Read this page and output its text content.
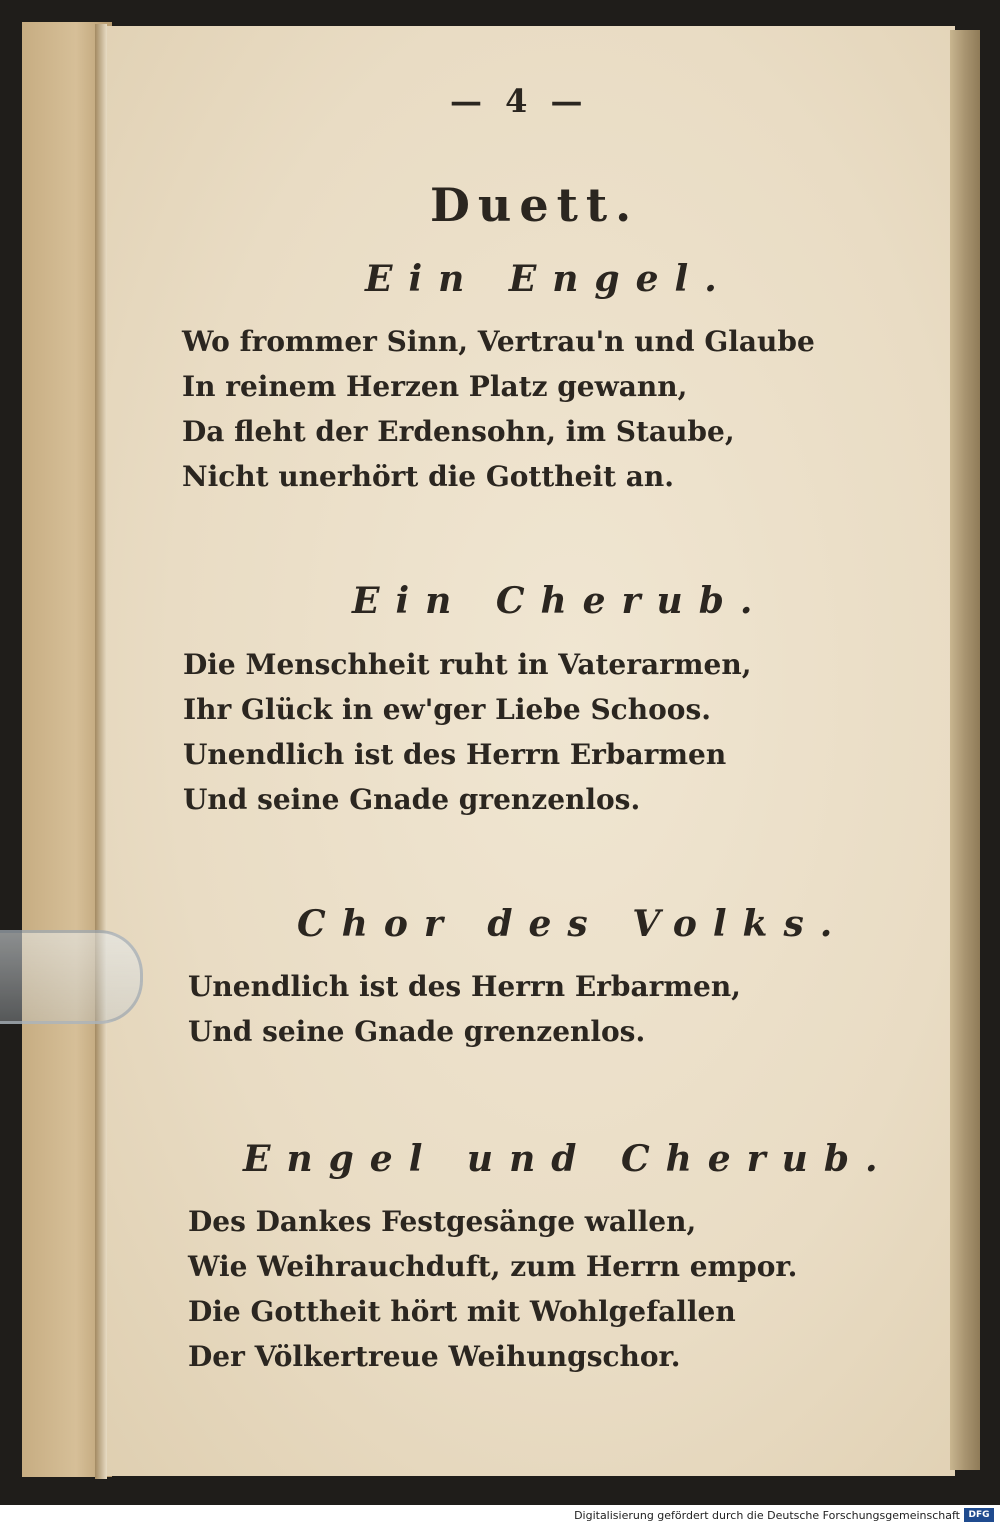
— 4 —
Duett.
Ein Engel.
Wo frommer Sinn, Vertrau'n und Glaube
In reinem Herzen Platz gewann,
Da fleht der Erdensohn, im Staube,
Nicht unerhört die Gottheit an.
Ein Cherub.
Die Menschheit ruht in Vaterarmen,
Ihr Glück in ew'ger Liebe Schoos.
Unendlich ist des Herrn Erbarmen
Und seine Gnade grenzenlos.
Chor des Volks.
Unendlich ist des Herrn Erbarmen,
Und seine Gnade grenzenlos.
Engel und Cherub.
Des Dankes Festgesänge wallen,
Wie Weihrauchduft, zum Herrn empor.
Die Gottheit hört mit Wohlgefallen
Der Völkertreue Weihungschor.
Digitalisierung gefördert durch die Deutsche Forschungsgemeinschaft DFG
